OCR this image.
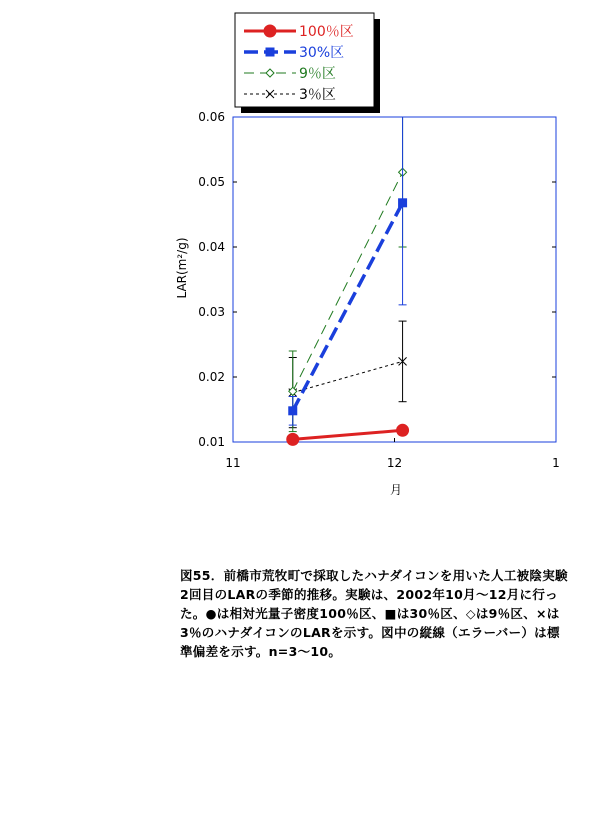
100％区
30%区
9％区
3％区
0.01
0.02
0.03
0.04
0.05
0.06
11	12	1
LAR(m²/g)
月

図55．前橋市荒牧町で採取したハナダイコンを用いた人工被陰実験2回目のLARの季節的推移。実験は、2002年10月～12月に行った。●は相対光量子密度100％区、■は30％区、◇は9％区、×は3％のハナダイコンのLARを示す。図中の縦線（エラーバー）は標準偏差を示す。n=3～10。
